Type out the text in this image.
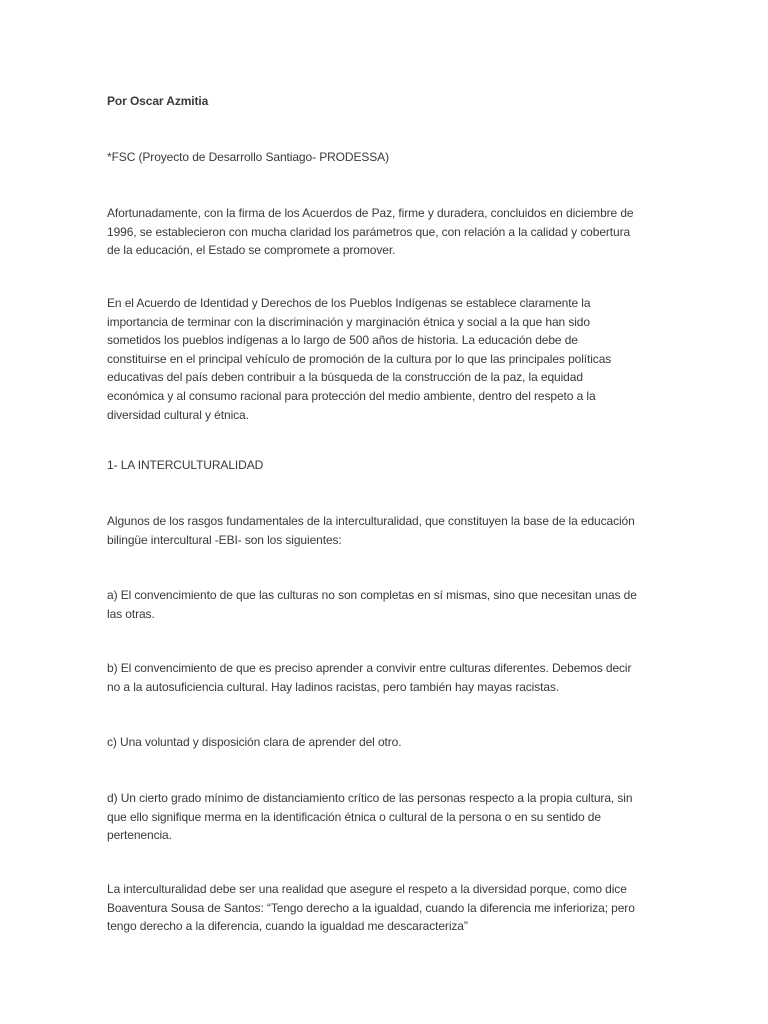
Por Oscar Azmitia

*FSC (Proyecto de Desarrollo Santiago- PRODESSA)

Afortunadamente, con la firma de los Acuerdos de Paz, firme y duradera, concluidos en diciembre de 1996, se establecieron con mucha claridad los parámetros que, con relación a la calidad y cobertura de la educación, el Estado se compromete a promover.

En el Acuerdo de Identidad y Derechos de los Pueblos Indígenas se establece claramente la importancia de terminar con la discriminación y marginación étnica y social a la que han sido sometidos los pueblos indígenas a lo largo de 500 años de historia. La educación debe de constituirse en el principal vehículo de promoción de la cultura por lo que las principales políticas educativas del país deben contribuir a la búsqueda de la construcción de la paz, la equidad económica y al consumo racional para protección del medio ambiente, dentro del respeto a la diversidad cultural y étnica.

1- LA INTERCULTURALIDAD

Algunos de los rasgos fundamentales de la interculturalidad, que constituyen la base de la educación bilingüe intercultural -EBI- son los siguientes:

a) El convencimiento de que las culturas no son completas en sí mismas, sino que necesitan unas de las otras.

b) El convencimiento de que es preciso aprender a convivir entre culturas diferentes. Debemos decir no a la autosuficiencia cultural. Hay ladinos racistas, pero también hay mayas racistas.

c) Una voluntad y disposición clara de aprender del otro.

d) Un cierto grado mínimo de distanciamiento crítico de las personas respecto a la propia cultura, sin que ello signifique merma en la identificación étnica o cultural de la persona o en su sentido de pertenencia.

La interculturalidad debe ser una realidad que asegure el respeto a la diversidad porque, como dice Boaventura Sousa de Santos: “Tengo derecho a la igualdad, cuando la diferencia me inferioriza; pero tengo derecho a la diferencia, cuando la igualdad me descaracteriza”
